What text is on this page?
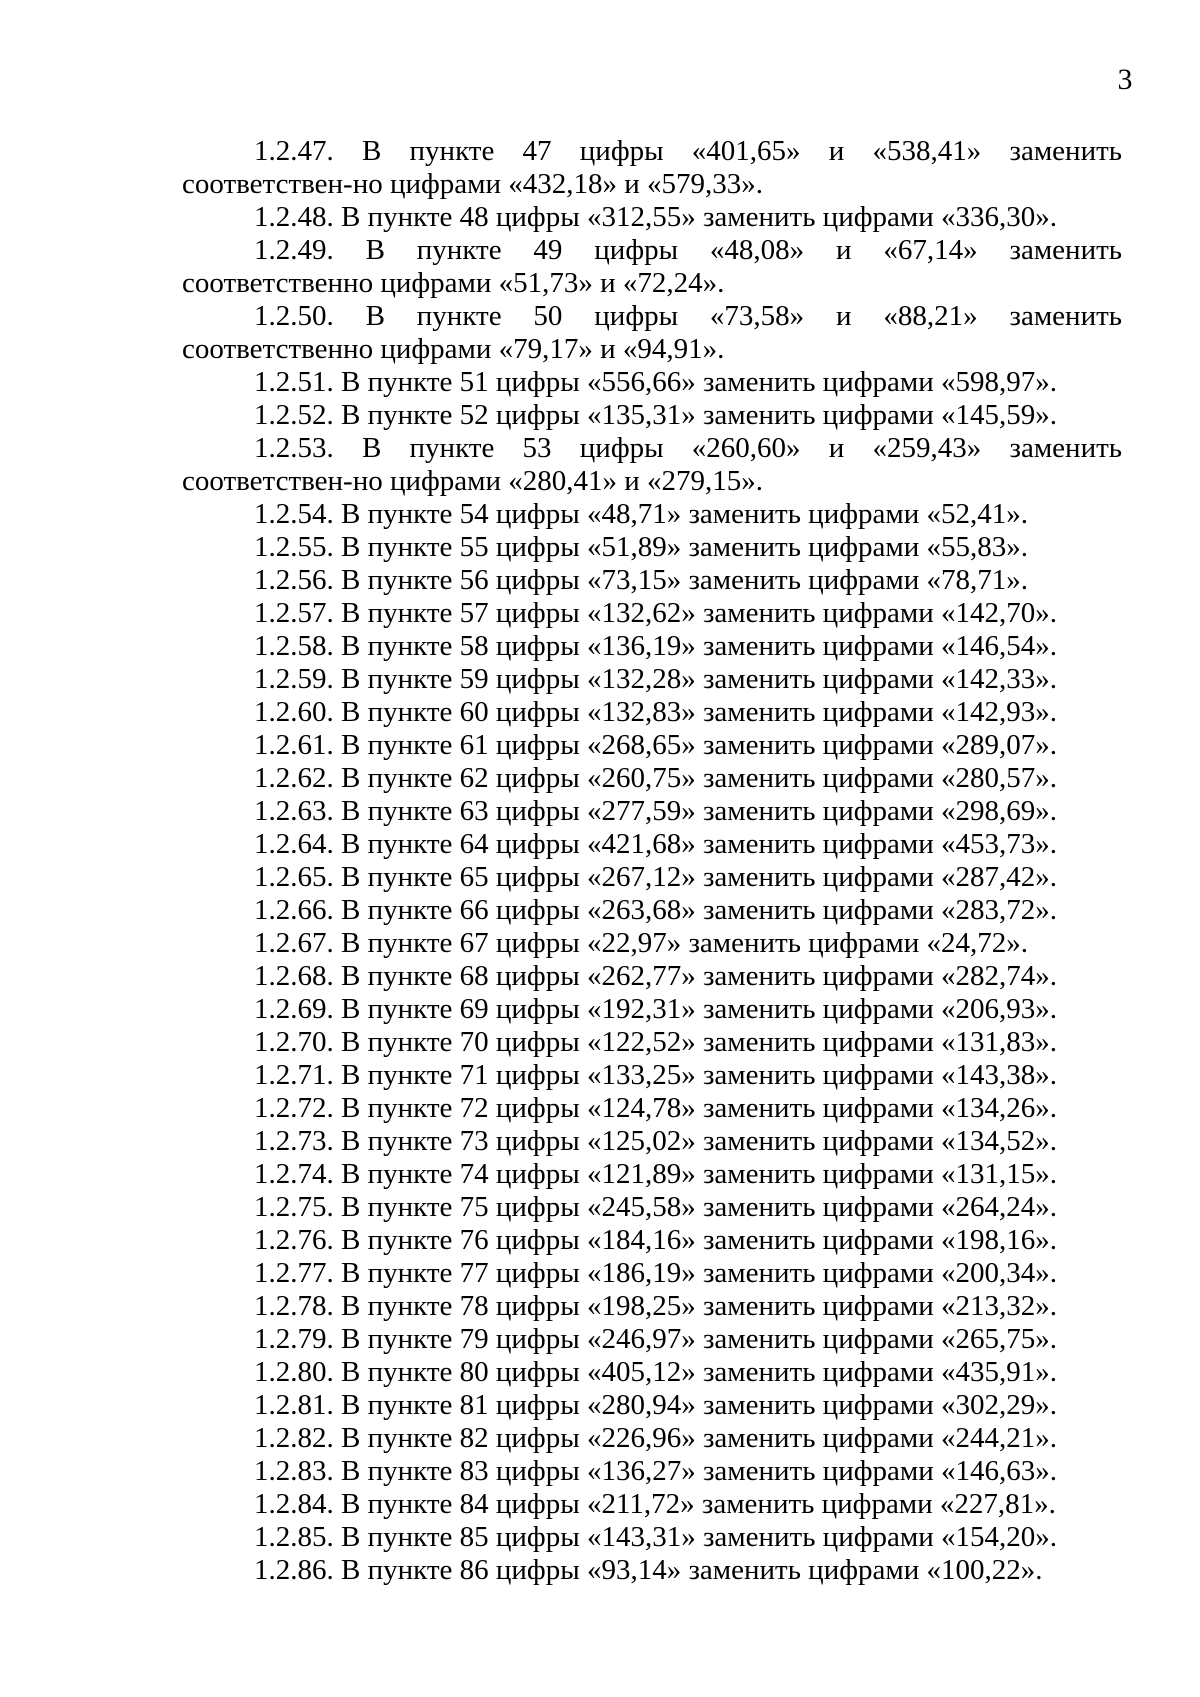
3

1.2.47. В пункте 47 цифры «401,65» и «538,41» заменить соответствен-но цифрами «432,18» и «579,33».

1.2.48. В пункте 48 цифры «312,55» заменить цифрами «336,30».

1.2.49. В пункте 49 цифры «48,08» и «67,14» заменить соответственно цифрами «51,73» и «72,24».

1.2.50. В пункте 50 цифры «73,58» и «88,21» заменить соответственно цифрами «79,17» и «94,91».

1.2.51. В пункте 51 цифры «556,66» заменить цифрами «598,97».

1.2.52. В пункте 52 цифры «135,31» заменить цифрами «145,59».

1.2.53. В пункте 53 цифры «260,60» и «259,43» заменить соответствен-но цифрами «280,41» и «279,15».

1.2.54. В пункте 54 цифры «48,71» заменить цифрами «52,41».

1.2.55. В пункте 55 цифры «51,89» заменить цифрами «55,83».

1.2.56. В пункте 56 цифры «73,15» заменить цифрами «78,71».

1.2.57. В пункте 57 цифры «132,62» заменить цифрами «142,70».

1.2.58. В пункте 58 цифры «136,19» заменить цифрами «146,54».

1.2.59. В пункте 59 цифры «132,28» заменить цифрами «142,33».

1.2.60. В пункте 60 цифры «132,83» заменить цифрами «142,93».

1.2.61. В пункте 61 цифры «268,65» заменить цифрами «289,07».

1.2.62. В пункте 62 цифры «260,75» заменить цифрами «280,57».

1.2.63. В пункте 63 цифры «277,59» заменить цифрами «298,69».

1.2.64. В пункте 64 цифры «421,68» заменить цифрами «453,73».

1.2.65. В пункте 65 цифры «267,12» заменить цифрами «287,42».

1.2.66. В пункте 66 цифры «263,68» заменить цифрами «283,72».

1.2.67. В пункте 67 цифры «22,97» заменить цифрами «24,72».

1.2.68. В пункте 68 цифры «262,77» заменить цифрами «282,74».

1.2.69. В пункте 69 цифры «192,31» заменить цифрами «206,93».

1.2.70. В пункте 70 цифры «122,52» заменить цифрами «131,83».

1.2.71. В пункте 71 цифры «133,25» заменить цифрами «143,38».

1.2.72. В пункте 72 цифры «124,78» заменить цифрами «134,26».

1.2.73. В пункте 73 цифры «125,02» заменить цифрами «134,52».

1.2.74. В пункте 74 цифры «121,89» заменить цифрами «131,15».

1.2.75. В пункте 75 цифры «245,58» заменить цифрами «264,24».

1.2.76. В пункте 76 цифры «184,16» заменить цифрами «198,16».

1.2.77. В пункте 77 цифры «186,19» заменить цифрами «200,34».

1.2.78. В пункте 78 цифры «198,25» заменить цифрами «213,32».

1.2.79. В пункте 79 цифры «246,97» заменить цифрами «265,75».

1.2.80. В пункте 80 цифры «405,12» заменить цифрами «435,91».

1.2.81. В пункте 81 цифры «280,94» заменить цифрами «302,29».

1.2.82. В пункте 82 цифры «226,96» заменить цифрами «244,21».

1.2.83. В пункте 83 цифры «136,27» заменить цифрами «146,63».

1.2.84. В пункте 84 цифры «211,72» заменить цифрами «227,81».

1.2.85. В пункте 85 цифры «143,31» заменить цифрами «154,20».

1.2.86. В пункте 86 цифры «93,14» заменить цифрами «100,22».
